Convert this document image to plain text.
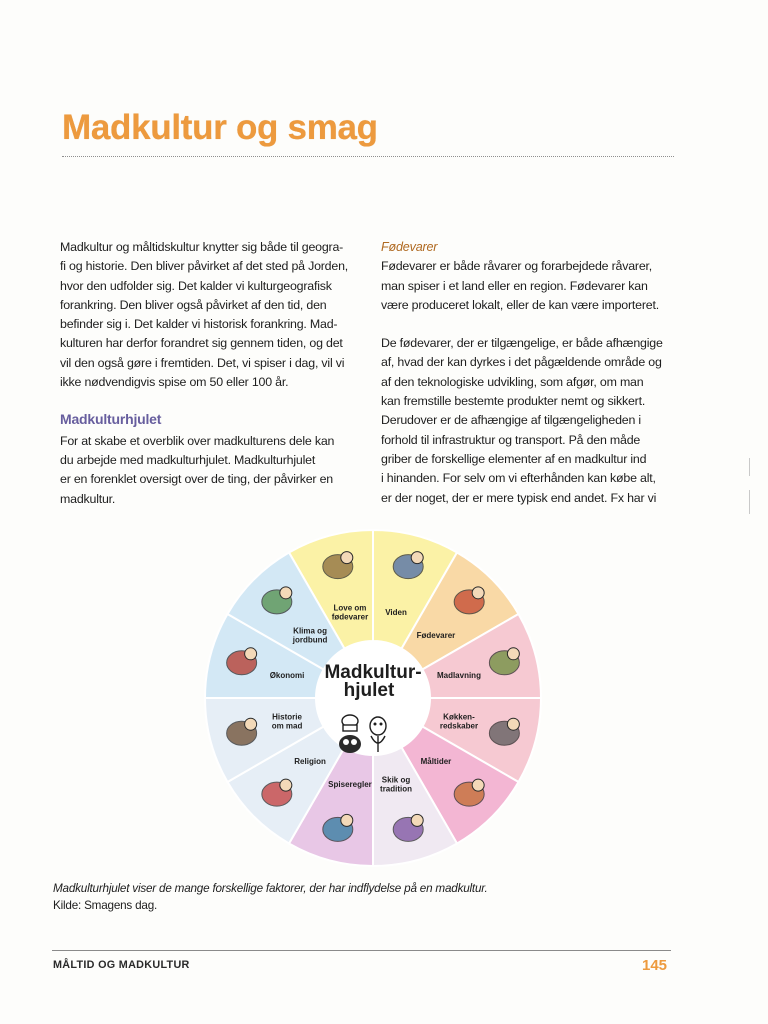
Madkultur og smag

Madkultur og måltidskultur knytter sig både til geogra-

fi og historie. Den bliver påvirket af det sted på Jorden,

hvor den udfolder sig. Det kalder vi kulturgeografisk

forankring. Den bliver også påvirket af den tid, den

befinder sig i. Det kalder vi historisk forankring. Mad-

kulturen har derfor forandret sig gennem tiden, og det

vil den også gøre i fremtiden. Det, vi spiser i dag, vil vi

ikke nødvendigvis spise om 50 eller 100 år.

Madkulturhjulet

For at skabe et overblik over madkulturens dele kan

du arbejde med madkulturhjulet. Madkulturhjulet

er en forenklet oversigt over de ting, der påvirker en

madkultur.

Fødevarer

Fødevarer er både råvarer og forarbejdede råvarer,

man spiser i et land eller en region. Fødevarer kan

være produceret lokalt, eller de kan være importeret.

De fødevarer, der er tilgængelige, er både afhængige

af, hvad der kan dyrkes i det pågældende område og

af den teknologiske udvikling, som afgør, om man

kan fremstille bestemte produkter nemt og sikkert.

Derudover er de afhængige af tilgængeligheden i

forhold til infrastruktur og transport. På den måde

griber de forskellige elementer af en madkultur ind

i hinanden. For selv om vi efterhånden kan købe alt,

er der noget, der er mere typisk end andet. Fx har vi

Love om fødevarer Viden
Fødevarer
Madlavning
Køkken-redskaber
Måltider
Skik og tradition
Spiseregler
Religion
Historie om mad
Økonomi
Klima og jordbund
Madkultur-
hjulet
Madkulturhjulet viser de mange forskellige faktorer, der har indflydelse på en madkultur.
Kilde: Smagens dag.
MÅLTID OG MADKULTUR	145
